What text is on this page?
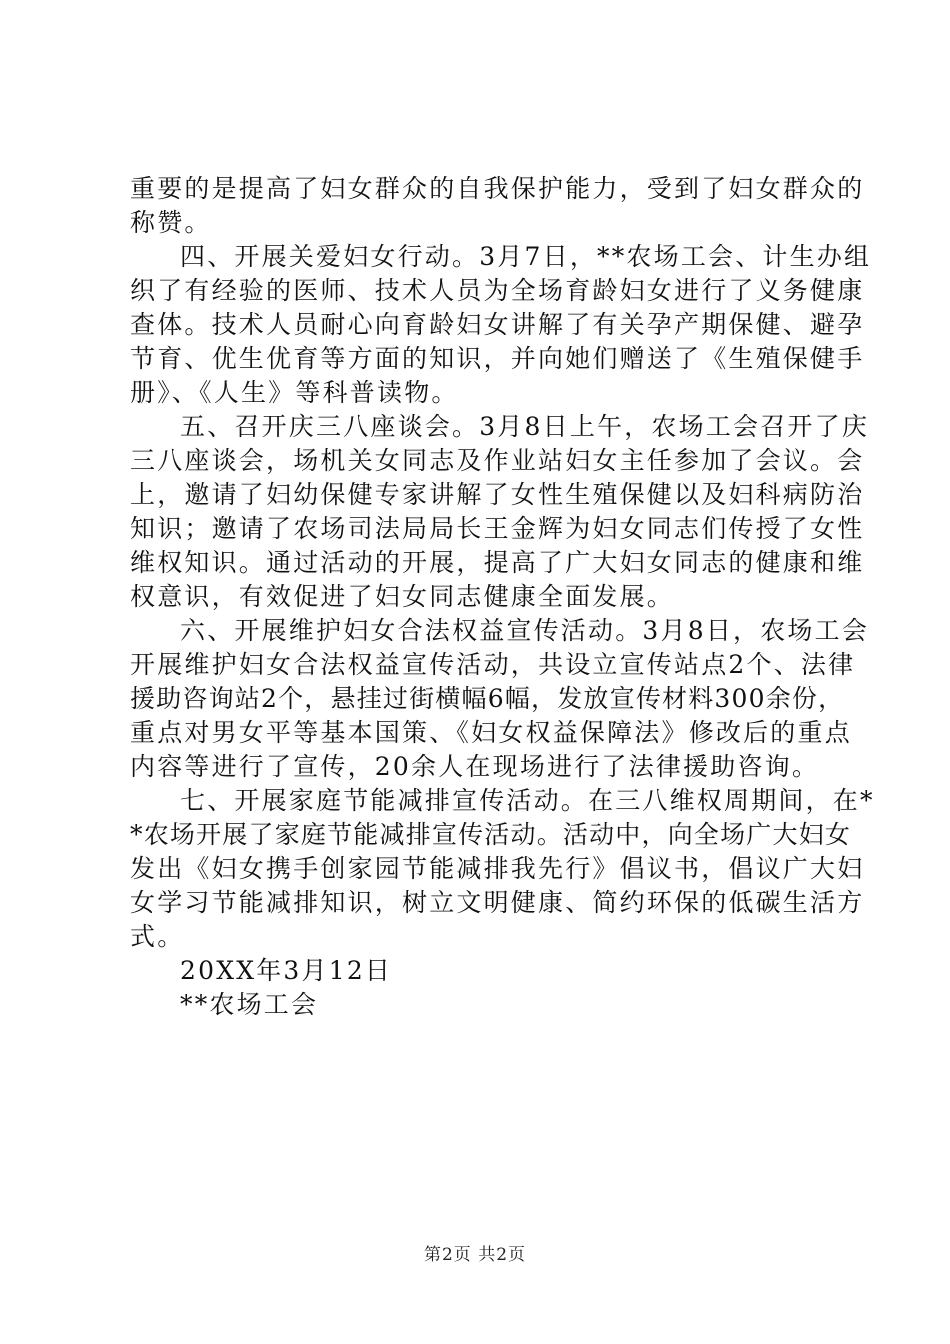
重要的是提高了妇女群众的自我保护能力，受到了妇女群众的
称赞。
四、开展关爱妇女行动。3月7日，**农场工会、计生办组
织了有经验的医师、技术人员为全场育龄妇女进行了义务健康
查体。技术人员耐心向育龄妇女讲解了有关孕产期保健、避孕
节育、优生优育等方面的知识，并向她们赠送了《生殖保健手
册》、《人生》等科普读物。
五、召开庆三八座谈会。3月8日上午，农场工会召开了庆
三八座谈会，场机关女同志及作业站妇女主任参加了会议。会
上，邀请了妇幼保健专家讲解了女性生殖保健以及妇科病防治
知识；邀请了农场司法局局长王金辉为妇女同志们传授了女性
维权知识。通过活动的开展，提高了广大妇女同志的健康和维
权意识，有效促进了妇女同志健康全面发展。
六、开展维护妇女合法权益宣传活动。3月8日，农场工会
开展维护妇女合法权益宣传活动，共设立宣传站点2个、法律
援助咨询站2个，悬挂过街横幅6幅，发放宣传材料300余份，
重点对男女平等基本国策、《妇女权益保障法》修改后的重点
内容等进行了宣传，20余人在现场进行了法律援助咨询。
七、开展家庭节能减排宣传活动。在三八维权周期间，在*
*农场开展了家庭节能减排宣传活动。活动中，向全场广大妇女
发出《妇女携手创家园节能减排我先行》倡议书，倡议广大妇
女学习节能减排知识，树立文明健康、简约环保的低碳生活方
式。
20XX年3月12日
**农场工会
第2页 共2页
